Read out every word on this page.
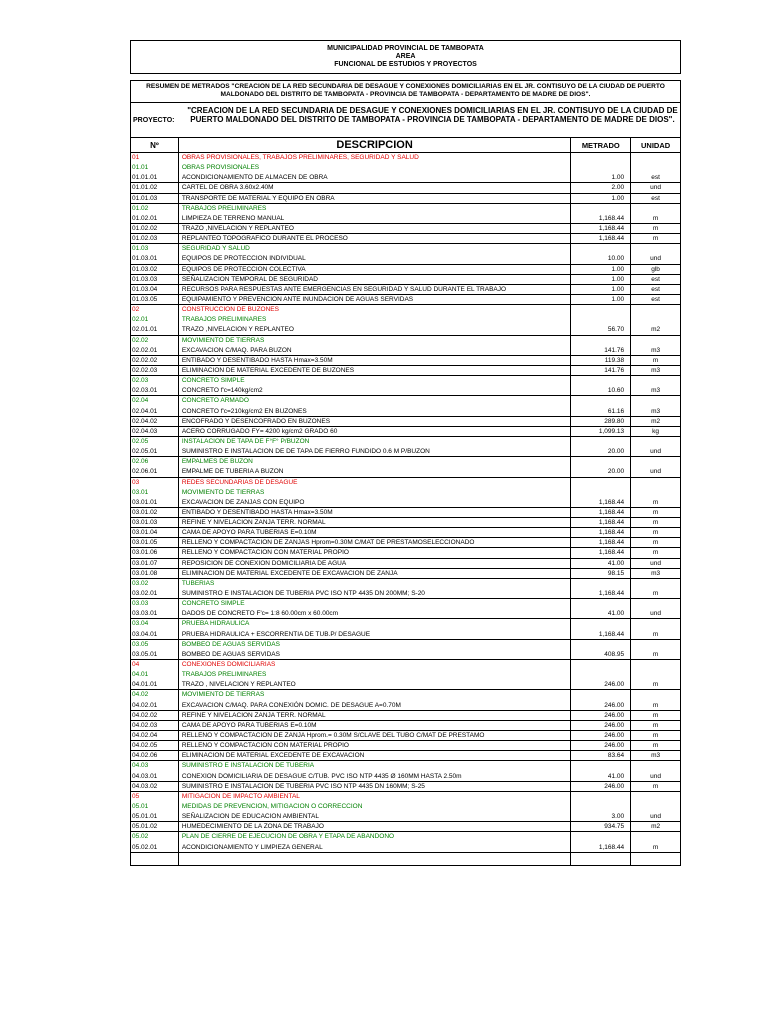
MUNICIPALIDAD PROVINCIAL DE TAMBOPATA
AREA
FUNCIONAL DE ESTUDIOS Y PROYECTOS
RESUMEN DE METRADOS "CREACION DE LA RED SECUNDARIA DE DESAGUE Y CONEXIONES DOMICILIARIAS EN EL JR. CONTISUYO DE LA CIUDAD DE PUERTO MALDONADO DEL DISTRITO DE TAMBOPATA - PROVINCIA DE TAMBOPATA - DEPARTAMENTO DE MADRE DE DIOS".
PROYECTO:
"CREACION DE LA RED SECUNDARIA DE DESAGUE Y CONEXIONES DOMICILIARIAS EN EL JR. CONTISUYO DE LA CIUDAD DE PUERTO MALDONADO DEL DISTRITO DE TAMBOPATA - PROVINCIA DE TAMBOPATA - DEPARTAMENTO DE MADRE DE DIOS".
Nº	DESCRIPCION	METRADO	UNIDAD
01	OBRAS PROVISIONALES, TRABAJOS PRELIMINARES, SEGURIDAD Y SALUD
01.01	OBRAS PROVISIONALES
01.01.01	ACONDICIONAMIENTO DE ALMACEN DE OBRA	1.00	est
01.01.02	CARTEL DE OBRA 3.60x2.40M	2.00	und
01.01.03	TRANSPORTE DE MATERIAL Y EQUIPO EN OBRA	1.00	est
01.02	TRABAJOS PRELIMINARES
01.02.01	LIMPIEZA DE TERRENO MANUAL	1,168.44	m
01.02.02	TRAZO ,NIVELACION Y REPLANTEO	1,168.44	m
01.02.03	REPLANTEO TOPOGRAFICO DURANTE EL PROCESO	1,168.44	m
01.03	SEGURIDAD Y SALUD
01.03.01	EQUIPOS DE PROTECCION INDIVIDUAL	10.00	und
01.03.02	EQUIPOS DE PROTECCION COLECTIVA	1.00	glb
01.03.03	SEÑALIZACION TEMPORAL DE SEGURIDAD	1.00	est
01.03.04	RECURSOS PARA RESPUESTAS ANTE EMERGENCIAS EN SEGURIDAD Y SALUD DURANTE EL TRABAJO	1.00	est
01.03.05	EQUIPAMIENTO Y PREVENCION ANTE INUNDACION DE AGUAS SERVIDAS	1.00	est
02	CONSTRUCCION DE BUZONES
02.01	TRABAJOS PRELIMINARES
02.01.01	TRAZO ,NIVELACION Y REPLANTEO	56.70	m2
02.02	MOVIMIENTO DE TIERRAS
02.02.01	EXCAVACION C/MAQ. PARA BUZON	141.76	m3
02.02.02	ENTIBADO Y DESENTIBADO HASTA Hmax=3.50M	119.38	m
02.02.03	ELIMINACION DE MATERIAL EXCEDENTE DE BUZONES	141.76	m3
02.03	CONCRETO SIMPLE
02.03.01	CONCRETO f'c=140kg/cm2	10.60	m3
02.04	CONCRETO ARMADO
02.04.01	CONCRETO f'c=210kg/cm2 EN BUZONES	61.16	m3
02.04.02	ENCOFRADO Y DESENCOFRADO EN BUZONES	289.80	m2
02.04.03	ACERO CORRUGADO FY= 4200 kg/cm2 GRADO 60	1,099.13	kg
02.05	INSTALACION DE TAPA DE F°F° P/BUZON
02.05.01	SUMINISTRO E INSTALACION DE DE TAPA DE FIERRO FUNDIDO 0.6 M P/BUZON	20.00	und
02.06	EMPALMES DE BUZON
02.06.01	EMPALME DE TUBERIA A BUZON	20.00	und
03	REDES SECUNDARIAS DE DESAGUE
03.01	MOVIMIENTO DE TIERRAS
03.01.01	EXCAVACION DE ZANJAS CON EQUIPO	1,168.44	m
03.01.02	ENTIBADO Y DESENTIBADO HASTA Hmax=3.50M	1,168.44	m
03.01.03	REFINE Y NIVELACION ZANJA TERR. NORMAL	1,168.44	m
03.01.04	CAMA DE APOYO PARA TUBERIAS E=0.10M	1,168.44	m
03.01.05	RELLENO Y COMPACTACION DE ZANJAS Hprom=0.30M C/MAT DE PRESTAMOSELECCIONADO	1,168.44	m
03.01.06	RELLENO Y COMPACTACION CON MATERIAL PROPIO	1,168.44	m
03.01.07	REPOSICION DE CONEXION DOMICILIARIA DE AGUA	41.00	und
03.01.08	ELIMINACION DE MATERIAL EXCEDENTE DE EXCAVACION DE ZANJA	98.15	m3
03.02	TUBERIAS
03.02.01	SUMINISTRO E INSTALACION DE TUBERIA PVC ISO NTP 4435 DN 200MM; S-20	1,168.44	m
03.03	CONCRETO SIMPLE
03.03.01	DADOS DE CONCRETO F'c= 1:8 60.00cm x 60.00cm	41.00	und
03.04	PRUEBA HIDRAULICA
03.04.01	PRUEBA HIDRAULICA + ESCORRENTIA DE TUB.P/ DESAGUE	1,168.44	m
03.05	BOMBEO DE AGUAS SERVIDAS
03.05.01	BOMBEO DE AGUAS SERVIDAS	408.95	m
04	CONEXIONES DOMICILIARIAS
04.01	TRABAJOS PRELIMINARES
04.01.01	TRAZO , NIVELACION Y REPLANTEO	246.00	m
04.02	MOVIMIENTO DE TIERRAS
04.02.01	EXCAVACION C/MAQ. PARA CONEXIÓN DOMIC. DE DESAGUE A=0.70M	246.00	m
04.02.02	REFINE Y NIVELACION ZANJA TERR. NORMAL	246.00	m
04.02.03	CAMA DE APOYO PARA TUBERIAS E=0.10M	246.00	m
04.02.04	RELLENO Y COMPACTACION DE ZANJA Hprom.= 0.30M S/CLAVE DEL TUBO C/MAT DE PRESTAMO	246.00	m
04.02.05	RELLENO Y COMPACTACION CON MATERIAL PROPIO	246.00	m
04.02.06	ELIMINACION DE MATERIAL EXCEDENTE DE EXCAVACION	83.64	m3
04.03	SUMINISTRO E INSTALACION DE TUBERIA
04.03.01	CONEXION DOMICILIARIA DE DESAGUE C/TUB. PVC ISO NTP 4435 Ø 160MM HASTA 2.50m	41.00	und
04.03.02	SUMINISTRO E INSTALACION DE TUBERIA PVC ISO NTP 4435 DN 160MM; S-25	246.00	m
05	MITIGACION DE IMPACTO AMBIENTAL
05.01	MEDIDAS DE PREVENCION, MITIGACION O CORRECCION
05.01.01	SEÑALIZACION DE EDUCACION AMBIENTAL	3.00	und
05.01.02	HUMEDECIMIENTO DE LA ZONA DE TRABAJO	934.75	m2
05.02	PLAN DE CIERRE DE EJECUCION DE OBRA Y ETAPA DE ABANDONO
05.02.01	ACONDICIONAMIENTO Y LIMPIEZA GENERAL	1,168.44	m
